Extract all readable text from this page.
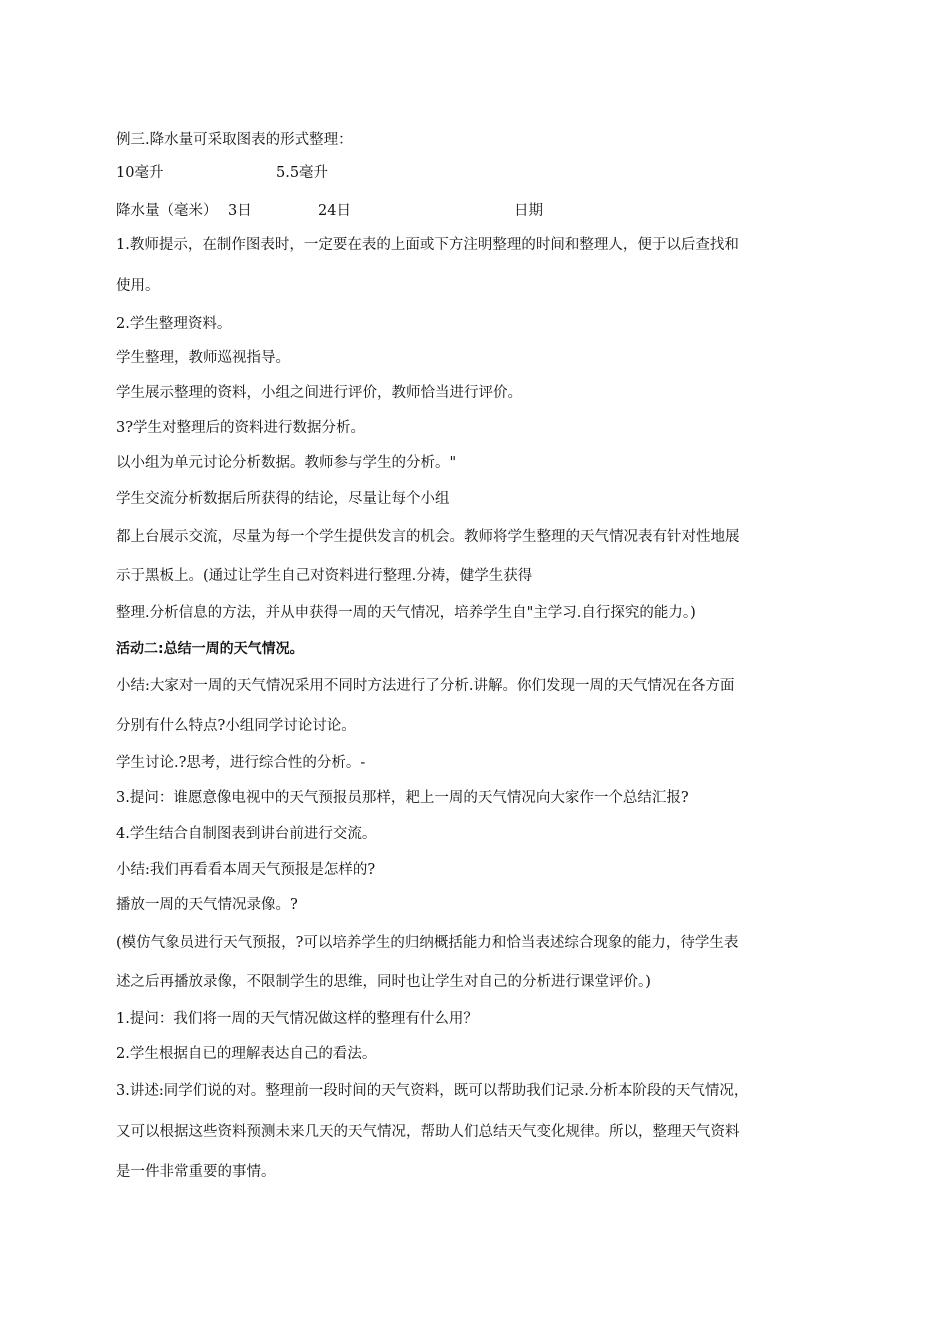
例三.降水量可采取图表的形式整理：
10毫升	5.5毫升
降水量（毫米） 3日	24日	日期
1.教师提示，在制作图表时，一定要在表的上面或下方注明整理的时间和整理人，便于以后查找和
使用。
2.学生整理资料。
学生整理，教师巡视指导。
学生展示整理的资料，小组之间进行评价，教师恰当进行评价。
3?学生对整理后的资料进行数据分析。
以小组为单元讨论分析数据。教师参与学生的分析。"
学生交流分析数据后所获得的结论，尽量让每个小组
都上台展示交流，尽量为每一个学生提供发言的机会。教师将学生整理的天气情况表有针对性地展
示于黑板上。(通过让学生自己对资料进行整理.分祷，健学生获得
整理.分析信息的方法，并从申获得一周的天气情况，培养学生自"主学习.自行探究的能力。)
活动二:总结一周的天气情况。
小结:大家对一周的天气情况采用不同时方法进行了分析.讲解。你们发现一周的天气情况在各方面
分别有什么特点?小组同学讨论讨论。
学生讨论.?思考，进行综合性的分析。-
3.提问：谁愿意像电视中的天气预报员那样，耙上一周的天气情况向大家作一个总结汇报?
4.学生结合自制图表到讲台前进行交流。
小结:我们再看看本周天气预报是怎样的?
播放一周的天气情况录像。?
(模仿气象员进行天气预报，?可以培养学生的归纳概括能力和恰当表述综合现象的能力，待学生表
述之后再播放录像，不限制学生的思维，同时也让学生对自己的分析进行课堂评价。)
1.提问：我们将一周的天气情况做这样的整理有什么用？
2.学生根据自已的理解表达自己的看法。
3.讲述:同学们说的对。整理前一段时间的天气资料，既可以帮助我们记录.分析本阶段的天气情况，
又可以根据这些资料预测未来几天的天气情况，帮助人们总结天气变化规律。所以，整理天气资料
是一件非常重要的事情。
